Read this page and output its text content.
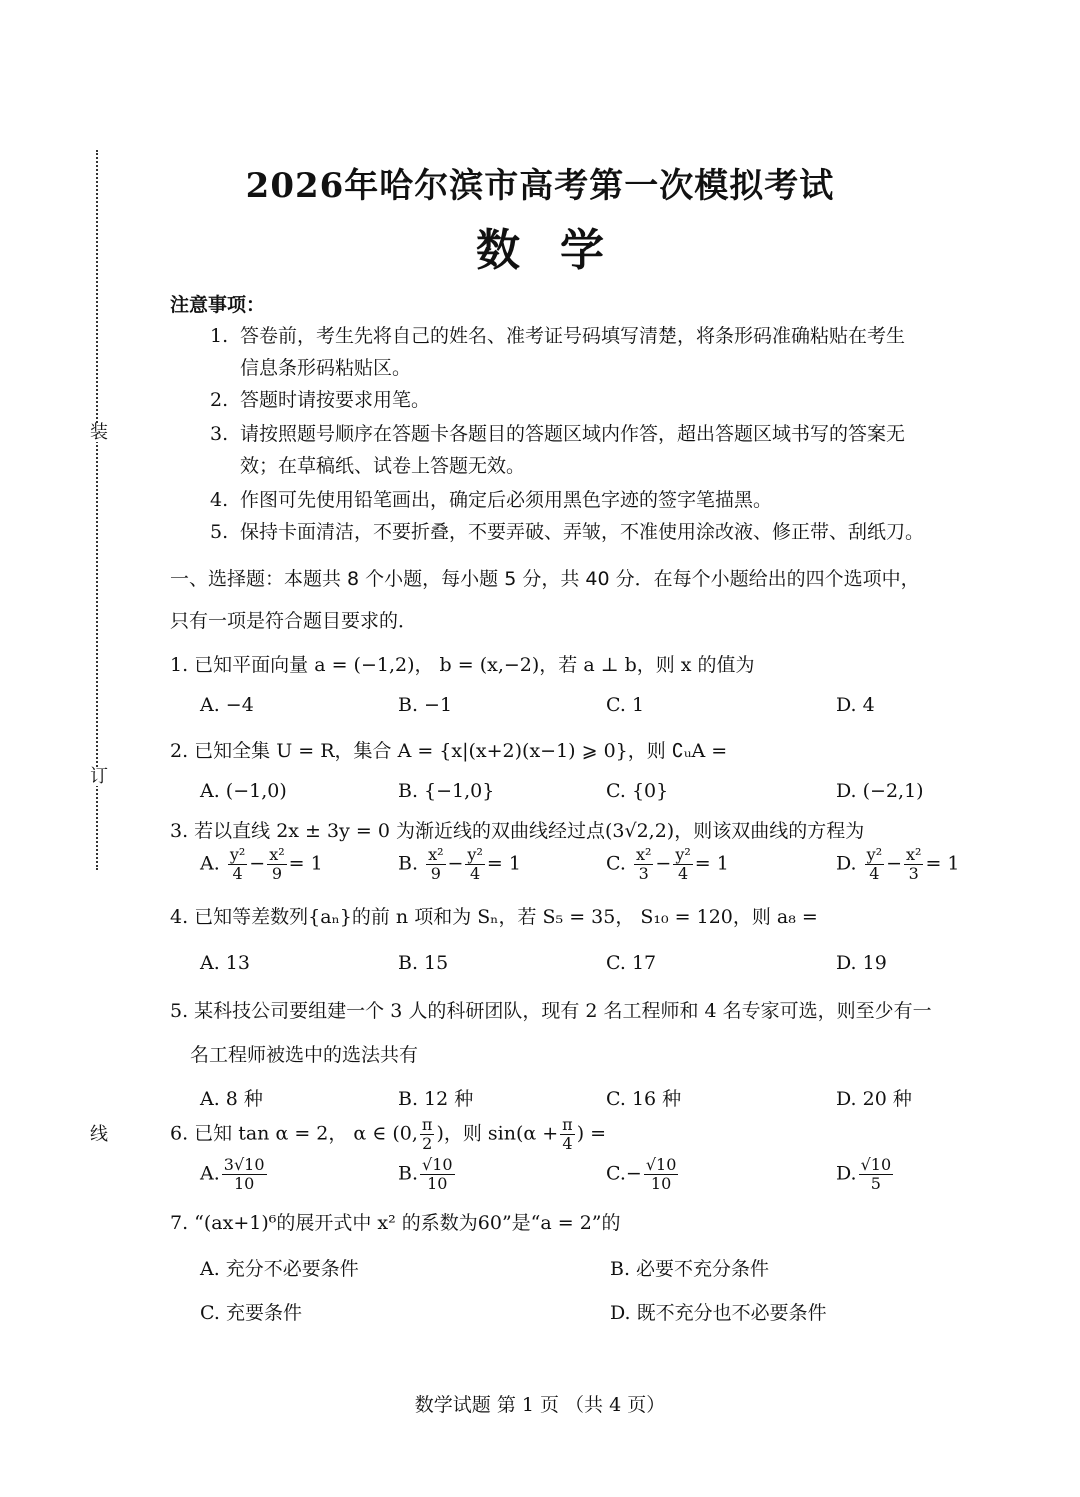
装
订
线
2026年哈尔滨市高考第一次模拟考试
数学
注意事项：
1. 答卷前，考生先将自己的姓名、准考证号码填写清楚，将条形码准确粘贴在考生
信息条形码粘贴区。
2. 答题时请按要求用笔。
3. 请按照题号顺序在答题卡各题目的答题区域内作答，超出答题区域书写的答案无
效；在草稿纸、试卷上答题无效。
4. 作图可先使用铅笔画出，确定后必须用黑色字迹的签字笔描黑。
5. 保持卡面清洁，不要折叠，不要弄破、弄皱，不准使用涂改液、修正带、刮纸刀。
一、选择题：本题共 8 个小题，每小题 5 分，共 40 分．在每个小题给出的四个选项中，
只有一项是符合题目要求的．
1. 已知平面向量 a = (−1,2)， b = (x,−2)，若 a ⊥ b，则 x 的值为
A. −4	B. −1	C. 1	D. 4
2. 已知全集 U = R，集合 A = {x|(x+2)(x−1) ⩾ 0}，则 ∁ᵤA =
A. (−1,0)	B. {−1,0}	C. {0}	D. (−2,1)
3. 若以直线 2x ± 3y = 0 为渐近线的双曲线经过点(3√2,2)，则该双曲线的方程为
A. $\frac{\text{y²}}{4} - \frac{\text{x²}}{9} = 1$	B. $\frac{\text{x²}}{9} - \frac{\text{y²}}{4} = 1$	C. $\frac{\text{x²}}{3} - \frac{\text{y²}}{4} = 1$	D. $\frac{\text{y²}}{4} - \frac{\text{x²}}{3} = 1$
4. 已知等差数列{aₙ}的前 n 项和为 Sₙ，若 S₅ = 35， S₁₀ = 120，则 a₈ =
A. 13	B. 15	C. 17	D. 19
5. 某科技公司要组建一个 3 人的科研团队，现有 2 名工程师和 4 名专家可选，则至少有一
名工程师被选中的选法共有
A. 8 种	B. 12 种	C. 16 种	D. 20 种
6. 已知 tan α = 2， α ∈ (0, $\frac{\pi}{2}$ )，则 $\sin(\alpha + \frac{\pi}{4}$ ) =
A. $\frac{3√10}{10}$	B. $\frac{√10}{10}$	$C.- \frac{√10}{10}$	D. $\frac{√10}{5}$
7. “(ax+1)⁶的展开式中 x² 的系数为60”是“a = 2”的
A. 充分不必要条件	B. 必要不充分条件
C. 充要条件	D. 既不充分也不必要条件
数学试题 第 1 页 （共 4 页）
